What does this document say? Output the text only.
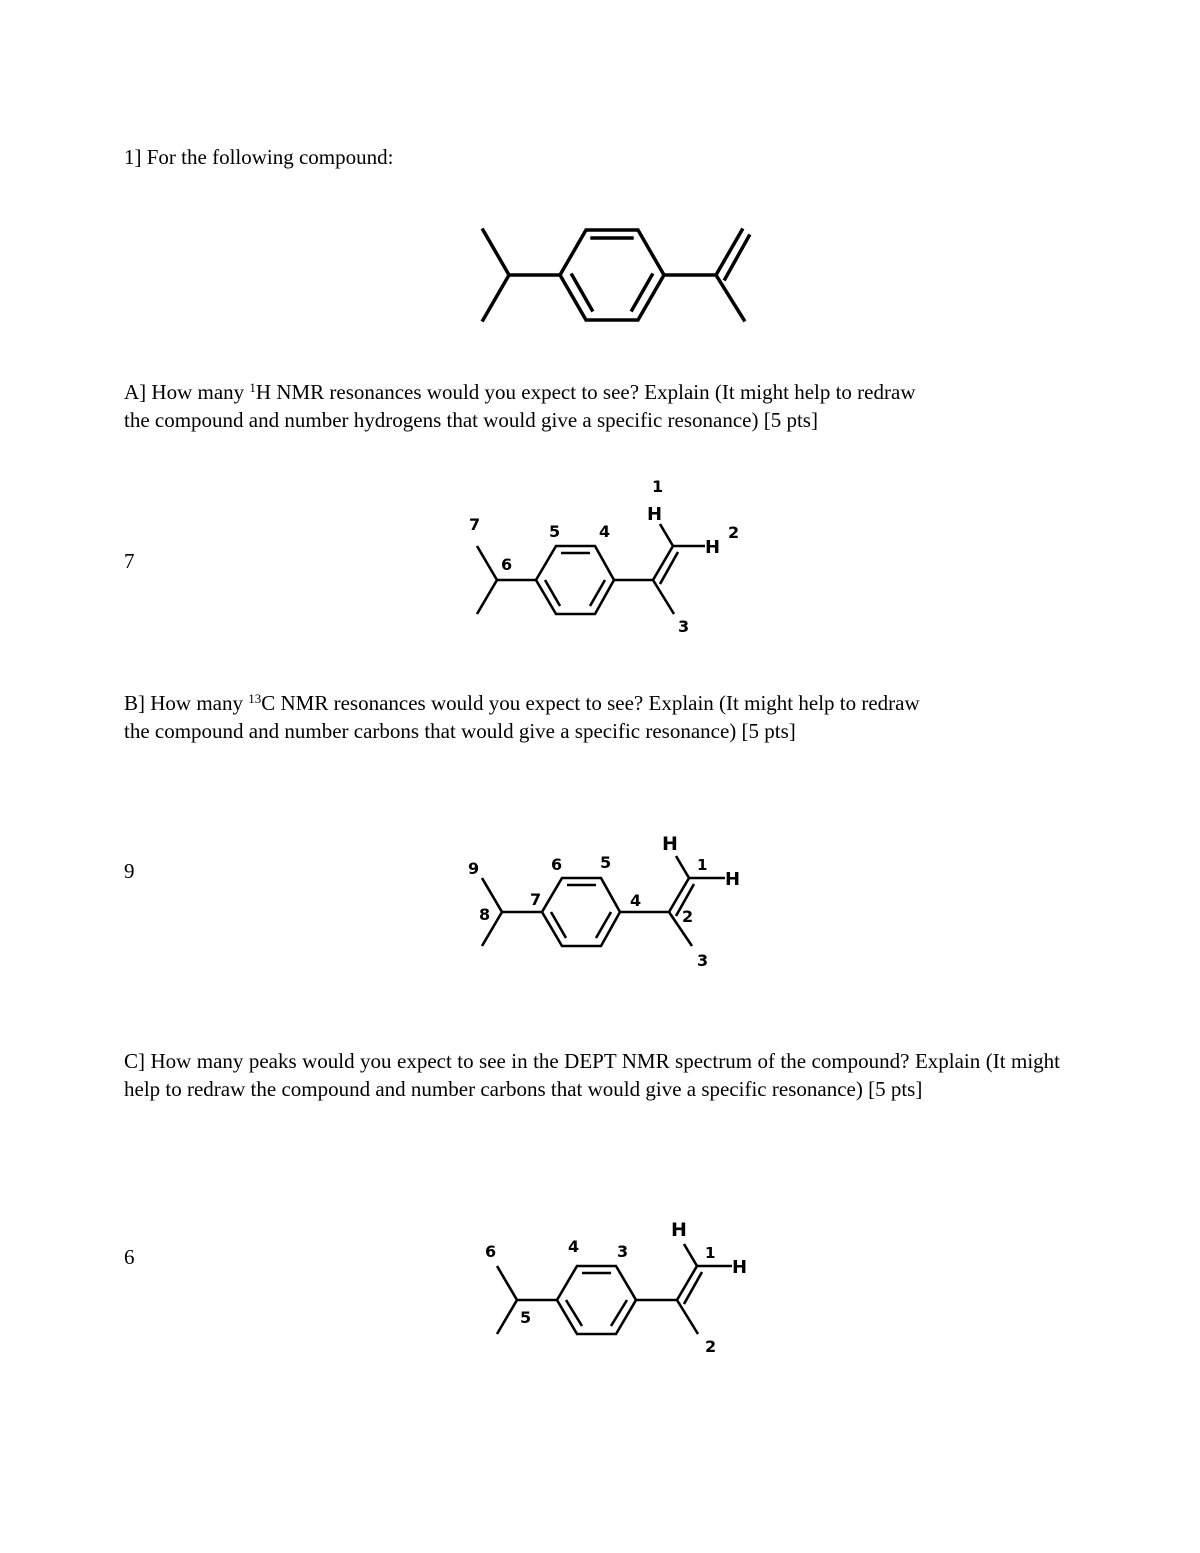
1] For the following compound:
A] How many $^1$H NMR resonances would you expect to see? Explain (It might help to redraw
the compound and number hydrogens that would give a specific resonance) [5 pts]
7
1
H
7	5 4
H
2
6
3
B] How many $^{13}$C NMR resonances would you expect to see? Explain (It might help to redraw
the compound and number carbons that would give a specific resonance) [5 pts]
9
H
9	6 5	1
H
7	4
8	2
3
C] How many peaks would you expect to see in the DEPT NMR spectrum of the compound? Explain (It might help to redraw the compound and number carbons that would give a specific resonance) [5 pts]
6
H
6	4 3	1
H
5
2
